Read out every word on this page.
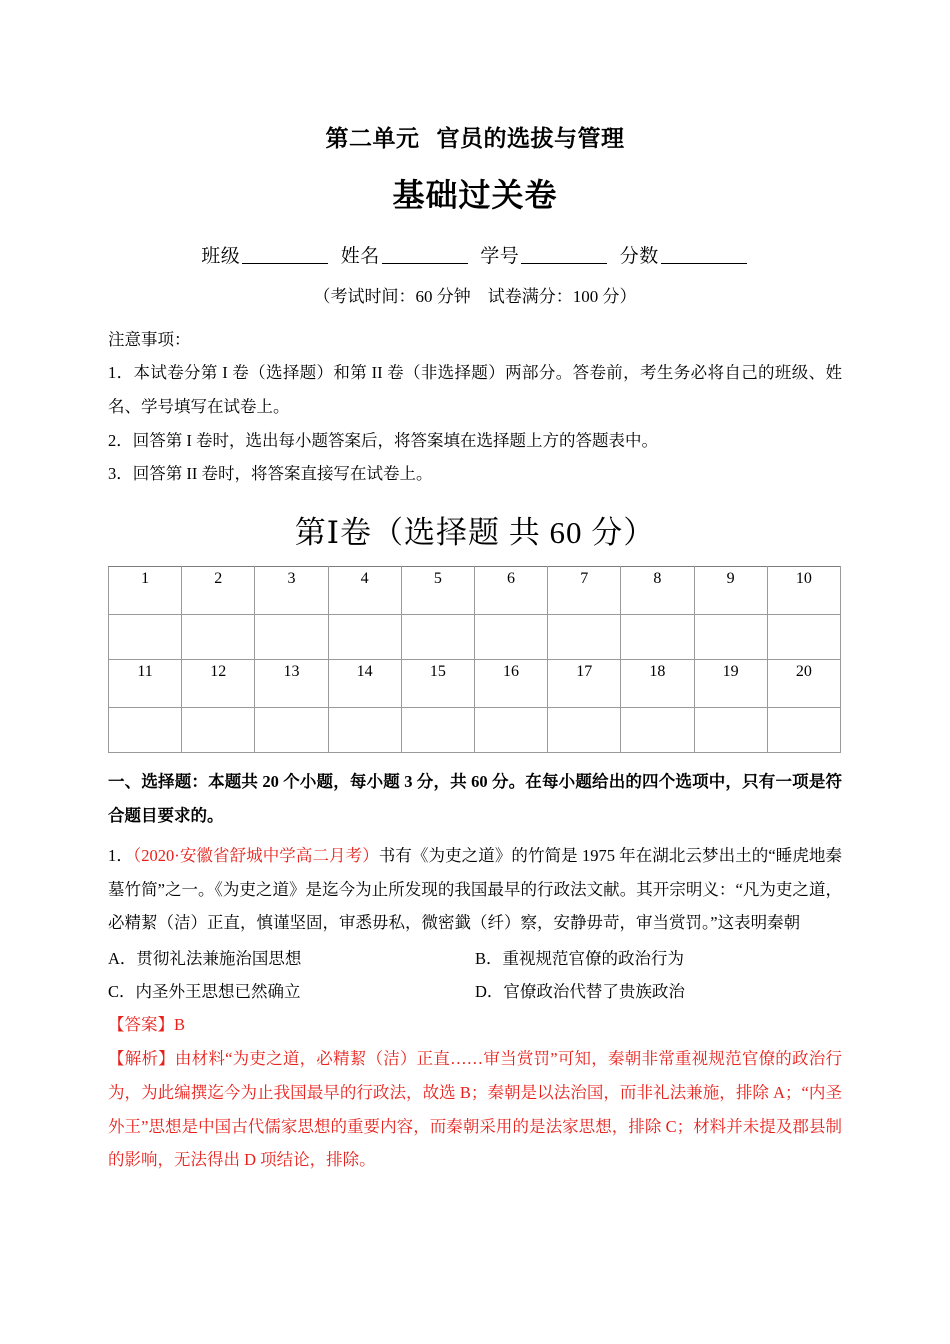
第二单元  官员的选拔与管理
基础过关卷
班级	姓名	学号	分数
（考试时间：60 分钟　试卷满分：100 分）
注意事项：
1．本试卷分第 I 卷（选择题）和第 II 卷（非选择题）两部分。答卷前，考生务必将自己的班级、姓名、学号填写在试卷上。
2．回答第 I 卷时，选出每小题答案后，将答案填在选择题上方的答题表中。
3．回答第 II 卷时，将答案直接写在试卷上。
第Ⅰ卷（选择题 共 60 分）
1	2	3	4	5	6	7	8	9	10

11	12	13	14	15	16	17	18	19	20

一、选择题：本题共 20 个小题，每小题 3 分，共 60 分。在每小题给出的四个选项中，只有一项是符合题目要求的。
1．（2020·安徽省舒城中学高二月考）书有《为吏之道》的竹简是 1975 年在湖北云梦出土的“睡虎地秦墓竹简”之一。《为吏之道》是迄今为止所发现的我国最早的行政法文献。其开宗明义：“凡为吏之道，必精絜（洁）正直，慎谨坚固，审悉毋私，微密韱（纤）察，安静毋苛，审当赏罚。”这表明秦朝
A．贯彻礼法兼施治国思想	B．重视规范官僚的政治行为
C．内圣外王思想已然确立	D．官僚政治代替了贵族政治
【答案】B
【解析】由材料“为吏之道，必精絜（洁）正直……审当赏罚”可知，秦朝非常重视规范官僚的政治行为，为此编撰迄今为止我国最早的行政法，故选 B；秦朝是以法治国，而非礼法兼施，排除 A；“内圣外王”思想是中国古代儒家思想的重要内容，而秦朝采用的是法家思想，排除 C；材料并未提及郡县制的影响，无法得出 D 项结论，排除。
